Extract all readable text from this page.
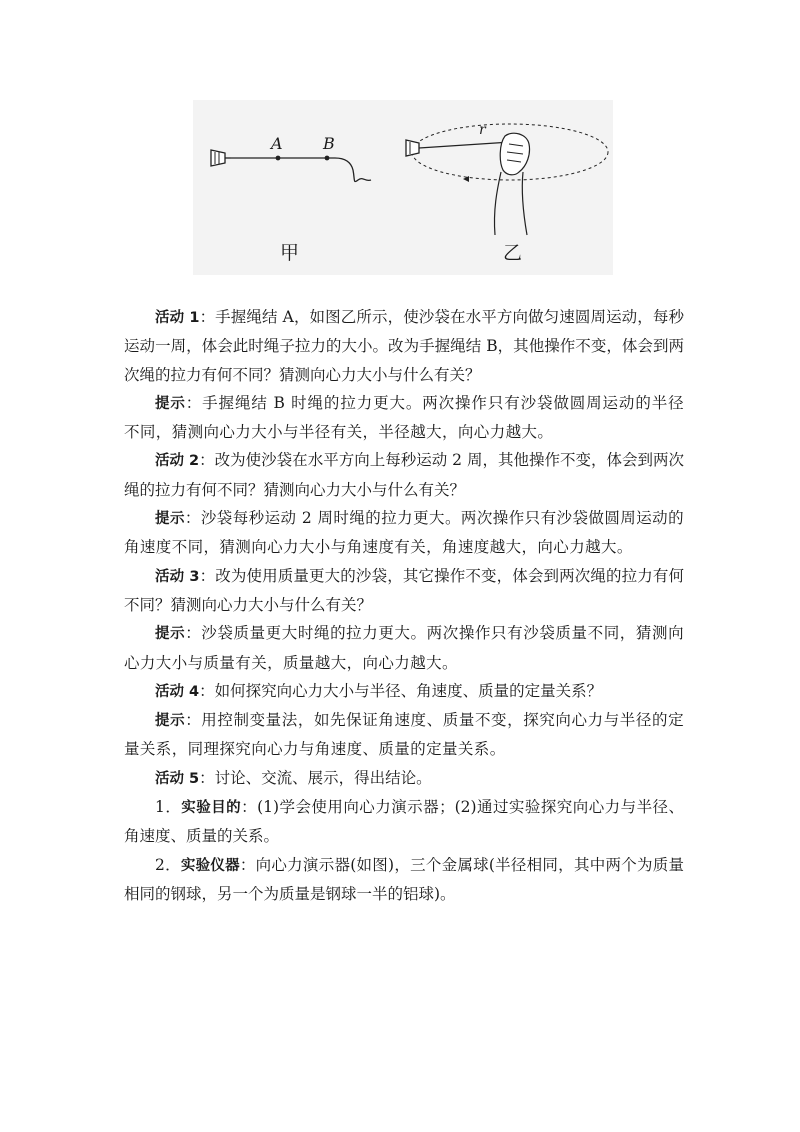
A	B
r
甲	乙

活动 1：手握绳结 A，如图乙所示，使沙袋在水平方向做匀速圆周运动，每秒运动一周，体会此时绳子拉力的大小。改为手握绳结 B，其他操作不变，体会到两次绳的拉力有何不同？猜测向心力大小与什么有关？

提示：手握绳结 B 时绳的拉力更大。两次操作只有沙袋做圆周运动的半径不同，猜测向心力大小与半径有关，半径越大，向心力越大。

活动 2：改为使沙袋在水平方向上每秒运动 2 周，其他操作不变，体会到两次绳的拉力有何不同？猜测向心力大小与什么有关？

提示：沙袋每秒运动 2 周时绳的拉力更大。两次操作只有沙袋做圆周运动的角速度不同，猜测向心力大小与角速度有关，角速度越大，向心力越大。

活动 3：改为使用质量更大的沙袋，其它操作不变，体会到两次绳的拉力有何不同？猜测向心力大小与什么有关？

提示：沙袋质量更大时绳的拉力更大。两次操作只有沙袋质量不同，猜测向心力大小与质量有关，质量越大，向心力越大。

活动 4：如何探究向心力大小与半径、角速度、质量的定量关系？

提示：用控制变量法，如先保证角速度、质量不变，探究向心力与半径的定量关系，同理探究向心力与角速度、质量的定量关系。

活动 5：讨论、交流、展示，得出结论。

1．实验目的：(1)学会使用向心力演示器；(2)通过实验探究向心力与半径、角速度、质量的关系。

2．实验仪器：向心力演示器(如图)，三个金属球(半径相同，其中两个为质量相同的钢球，另一个为质量是钢球一半的铝球)。
